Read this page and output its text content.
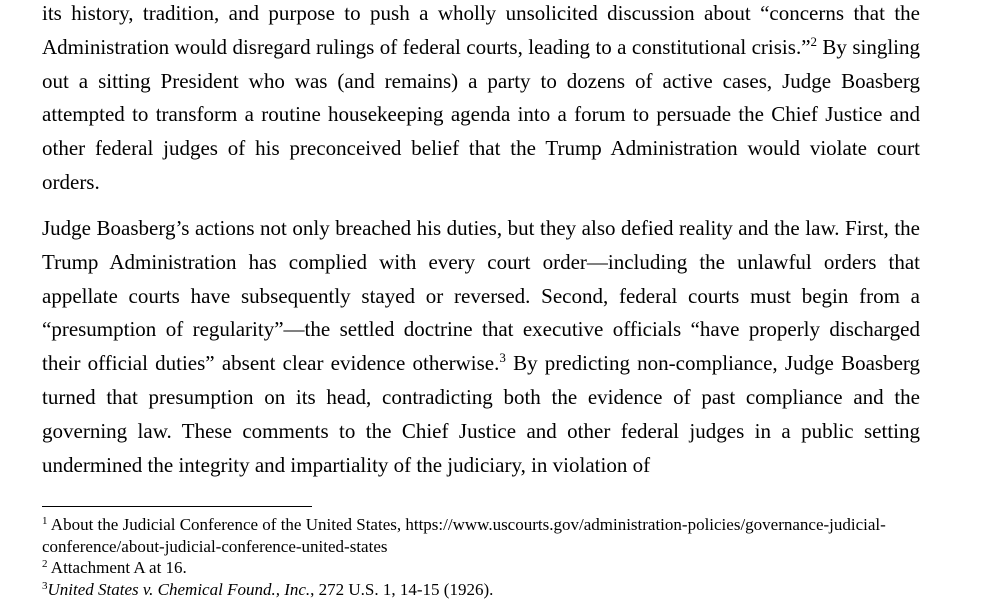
its history, tradition, and purpose to push a wholly unsolicited discussion about “concerns that the Administration would disregard rulings of federal courts, leading to a constitutional crisis.”$^2$ By singling out a sitting President who was (and remains) a party to dozens of active cases, Judge Boasberg attempted to transform a routine housekeeping agenda into a forum to persuade the Chief Justice and other federal judges of his preconceived belief that the Trump Administration would violate court orders.

Judge Boasberg’s actions not only breached his duties, but they also defied reality and the law. First, the Trump Administration has complied with every court order—including the unlawful orders that appellate courts have subsequently stayed or reversed. Second, federal courts must begin from a “presumption of regularity”—the settled doctrine that executive officials “have properly discharged their official duties” absent clear evidence otherwise.$^3$ By predicting non-compliance, Judge Boasberg turned that presumption on its head, contradicting both the evidence of past compliance and the governing law. These comments to the Chief Justice and other federal judges in a public setting undermined the integrity and impartiality of the judiciary, in violation of

$^1$ About the Judicial Conference of the United States, https://www.uscourts.gov/administration-policies/governance-judicial-conference/about-judicial-conference-united-states

$^2$ Attachment A at 16.

$^3$United States v. Chemical Found., Inc., 272 U.S. 1, 14-15 (1926).
